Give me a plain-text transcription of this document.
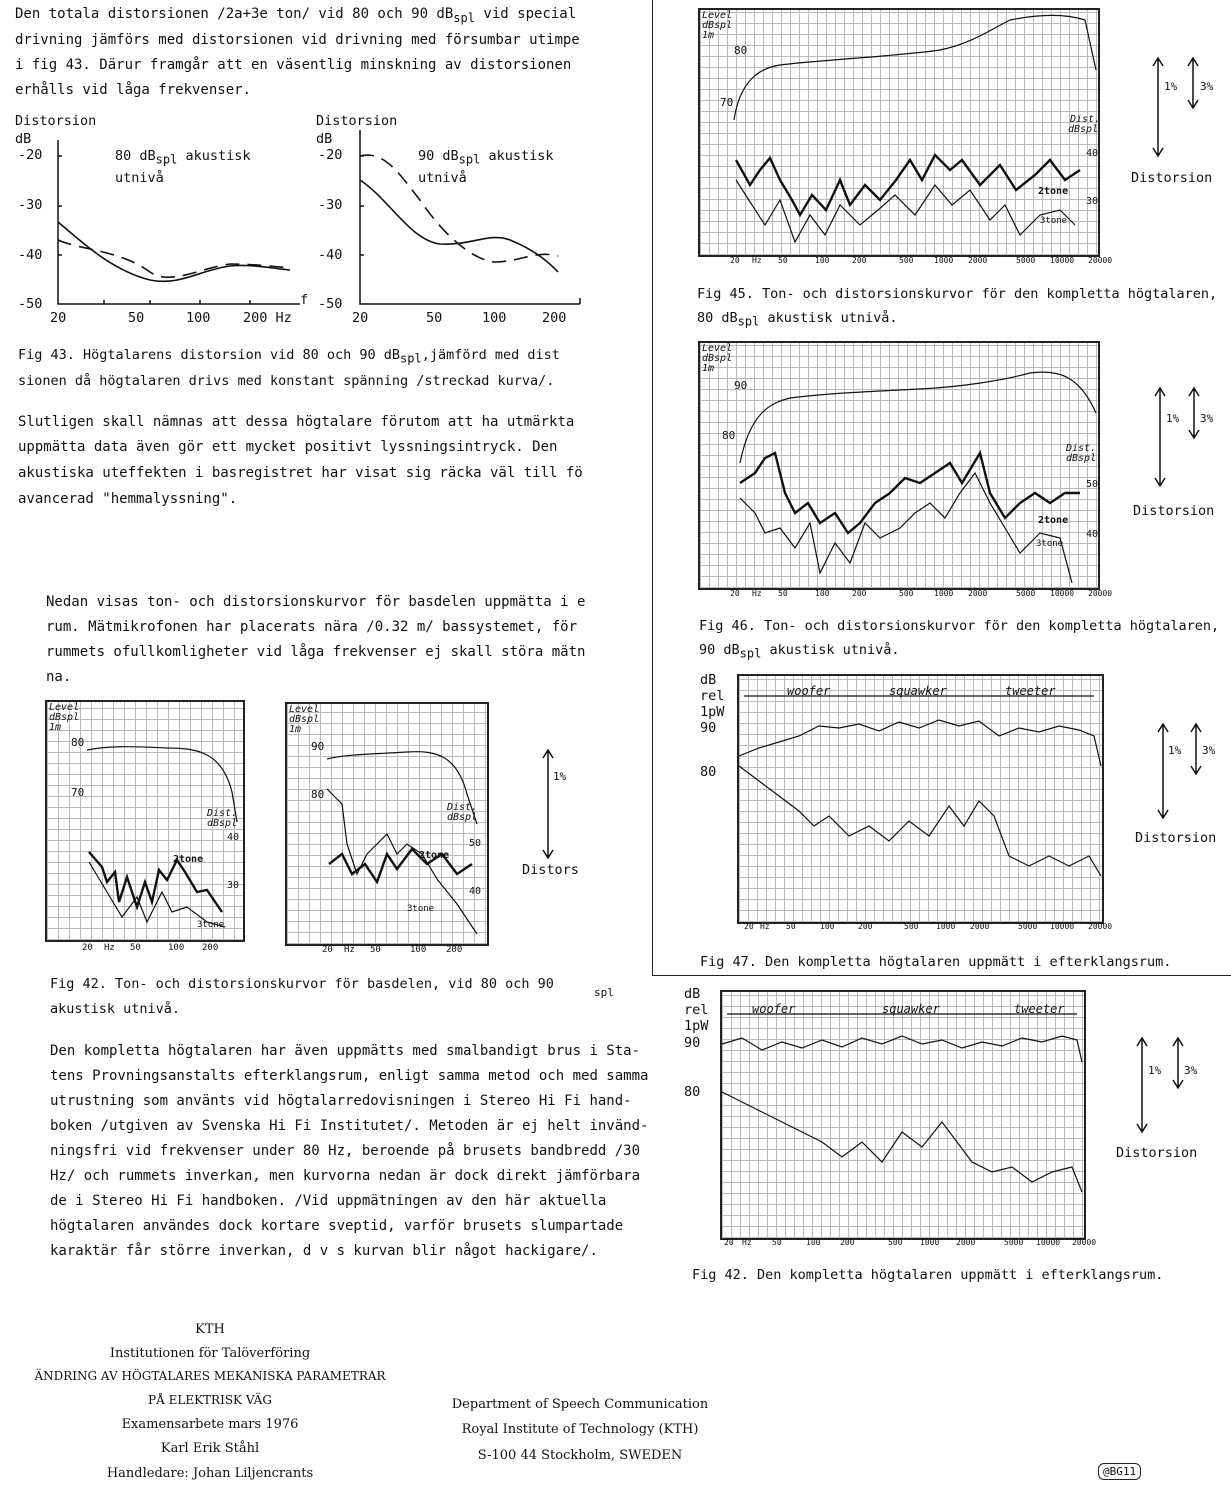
Den totala distorsionen /2a+3e ton/ vid 80 och 90 $dB_{spl}$ vid special
drivning jämförs med distorsionen vid drivning med försumbar utimpe
i fig 43. Därur framgår att en väsentlig minskning av distorsionen
erhålls vid låga frekvenser.
Distorsion
dB
-20
-30
-40
-50
20	50	100 200 Hz
f
80 $dB_{spl}$ akustisk
utnivå
Distorsion
dB
-20
-30
-40
-50
20	50	100	200
90 $dB_{spl}$ akustisk
utnivå
Fig 43. Högtalarens distorsion vid 80 och 90 $dB_{spl},jämförd$ med dist
sionen då högtalaren drivs med konstant spänning /streckad kurva/.
Slutligen skall nämnas att dessa högtalare förutom att ha utmärkta
uppmätta data även gör ett mycket positivt lyssningsintryck. Den
akustiska uteffekten i basregistret har visat sig räcka väl till fö
avancerad "hemmalyssning".
Nedan visas ton- och distorsionskurvor för basdelen uppmätta i e
rum. Mätmikrofonen har placerats nära /0.32 m/ bassystemet, för
rummets ofullkomligheter vid låga frekvenser ej skall störa mätn
na.
Level
dBspl
1m
80
70
Dist.
dBspl
40
30
2tone
3tone
20 Hz 50	100 200
Level
dBspl
1m
90
80
Dist.
dBspl
50
40
2tone
3tone
20 Hz 50	100 200
1%
Distors
Fig 42. Ton- och distorsionskurvor för basdelen, vid 80 och 90
spl
akustisk utnivå.
Den kompletta högtalaren har även uppmätts med smalbandigt brus i Sta-
tens Provningsanstalts efterklangsrum, enligt samma metod och med samma
utrustning som använts vid högtalarredovisningen i Stereo Hi Fi hand-
boken /utgiven av Svenska Hi Fi Institutet/. Metoden är ej helt invänd-
ningsfri vid frekvenser under 80 Hz, beroende på brusets bandbredd /30
Hz/ och rummets inverkan, men kurvorna nedan är dock direkt jämförbara
de i Stereo Hi Fi handboken. /Vid uppmätningen av den här aktuella
högtalaren användes dock kortare sveptid, varför brusets slumpartade
karaktär får större inverkan, d v s kurvan blir något hackigare/.
KTH
Institutionen för Talöverföring
ÄNDRING AV HÖGTALARES MEKANISKA PARAMETRAR
PÅ ELEKTRISK VÄG
Examensarbete mars 1976
Karl Erik Ståhl
Handledare: Johan Liljencrants
Department of Speech Communication
Royal Institute of Technology (KTH)
S-100 44 Stockholm, SWEDEN
@BG11
Level
dBspl
1m
80
70
Dist.
dBspl
40
30
2tone
3tone
20 Hz 50	100	200	500	1000 2000	5000 10000 20000
1% 3%
Distorsion
Fig 45. Ton- och distorsionskurvor för den kompletta högtalaren,
80 $dB_{spl}$ akustisk utnivå.
Level
dBspl
1m
90
80
Dist.
dBspl
50
40
2tone
3tone
20 Hz 50	100	200	500	1000 2000	5000 10000 20000
1% 3%
Distorsion
Fig 46. Ton- och distorsionskurvor för den kompletta högtalaren,
90 $dB_{spl}$ akustisk utnivå.
dB
rel
1pW
90
80
woofer	squawker	tweeter
20 Hz 50	100	200	500 1000 2000	5000 10000 20000
1% 3%
Distorsion
Fig 47. Den kompletta högtalaren uppmätt i efterklangsrum.
dB
rel
1pW
90
80
woofer	squawker	tweeter
20 Hz	50	100 200	500 1000 2000	5000 10000 20000
1% 3%
Distorsion
Fig 42. Den kompletta högtalaren uppmätt i efterklangsrum.
